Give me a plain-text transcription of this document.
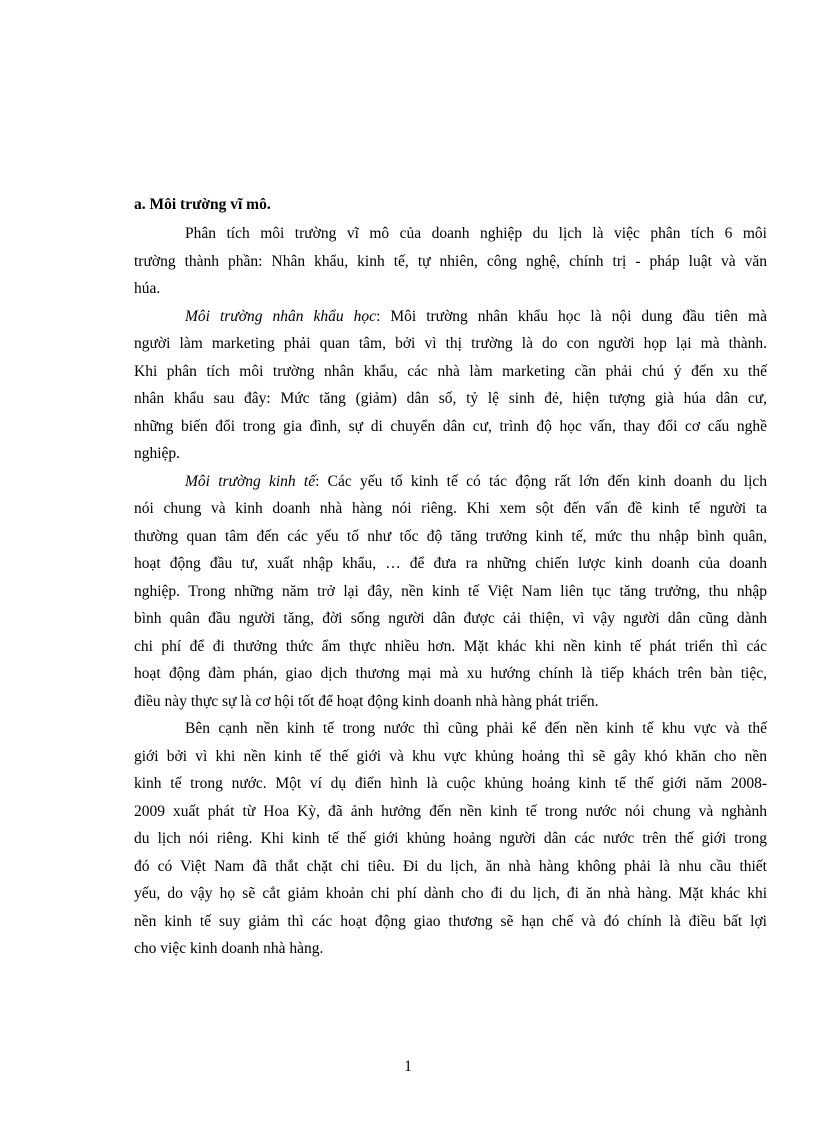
a. Môi trường vĩ mô.
Phân tích môi trường vĩ mô của doanh nghiệp du lịch là việc phân tích 6 môi
trường thành phần: Nhân khẩu, kinh tế, tự nhiên, công nghệ, chính trị - pháp luật và văn
húa.
Môi trường nhân khẩu học: Môi trường nhân khẩu học là nội dung đầu tiên mà
người làm marketing phải quan tâm, bởi vì thị trường là do con người họp lại mà thành.
Khi phân tích môi trường nhân khẩu, các nhà làm marketing cần phải chú ý đến xu thế
nhân khẩu sau đây: Mức tăng (giảm) dân số, tỷ lệ sinh đẻ, hiện tượng già húa dân cư,
những biến đổi trong gia đình, sự di chuyển dân cư, trình độ học vấn, thay đổi cơ cấu nghề
nghiệp.
Môi trường kinh tế: Các yếu tố kinh tế có tác động rất lớn đến kinh doanh du lịch
nói chung và kinh doanh nhà hàng nói riêng. Khi xem sột đến vấn đề kinh tế người ta
thường quan tâm đến các yếu tố như tốc độ tăng trưởng kinh tế, mức thu nhập bình quân,
hoạt động đầu tư, xuất nhập khẩu, … để đưa ra những chiến lược kinh doanh của doanh
nghiệp. Trong những năm trở lại đây, nền kinh tế Việt Nam liên tục tăng trưởng, thu nhập
bình quân đầu người tăng, đời sống người dân được cải thiện, vì vậy người dân cũng dành
chi phí để đi thưởng thức ẩm thực nhiều hơn. Mặt khác khi nền kinh tế phát triển thì các
hoạt động đàm phán, giao dịch thương mại mà xu hướng chính là tiếp khách trên bàn tiệc,
điều này thực sự là cơ hội tốt để hoạt động kinh doanh nhà hàng phát triển.
Bên cạnh nền kinh tế trong nước thì cũng phải kể đến nền kinh tế khu vực và thế
giới bởi vì khi nền kinh tế thế giới và khu vực khủng hoảng thì sẽ gây khó khăn cho nền
kinh tế trong nước. Một ví dụ điển hình là cuộc khủng hoảng kinh tế thế giới năm 2008-
2009 xuất phát từ Hoa Kỳ, đã ảnh hưởng đến nền kinh tế trong nước nói chung và nghành
du lịch nói riêng. Khi kinh tế thế giới khủng hoảng người dân các nước trên thế giới trong
đó có Việt Nam đã thắt chặt chi tiêu. Đi du lịch, ăn nhà hàng không phải là nhu cầu thiết
yếu, do vậy họ sẽ cắt giảm khoản chi phí dành cho đi du lịch, đi ăn nhà hàng. Mặt khác khi
nền kinh tế suy giảm thì các hoạt động giao thương sẽ hạn chế và đó chính là điều bất lợi
cho việc kinh doanh nhà hàng.
1
